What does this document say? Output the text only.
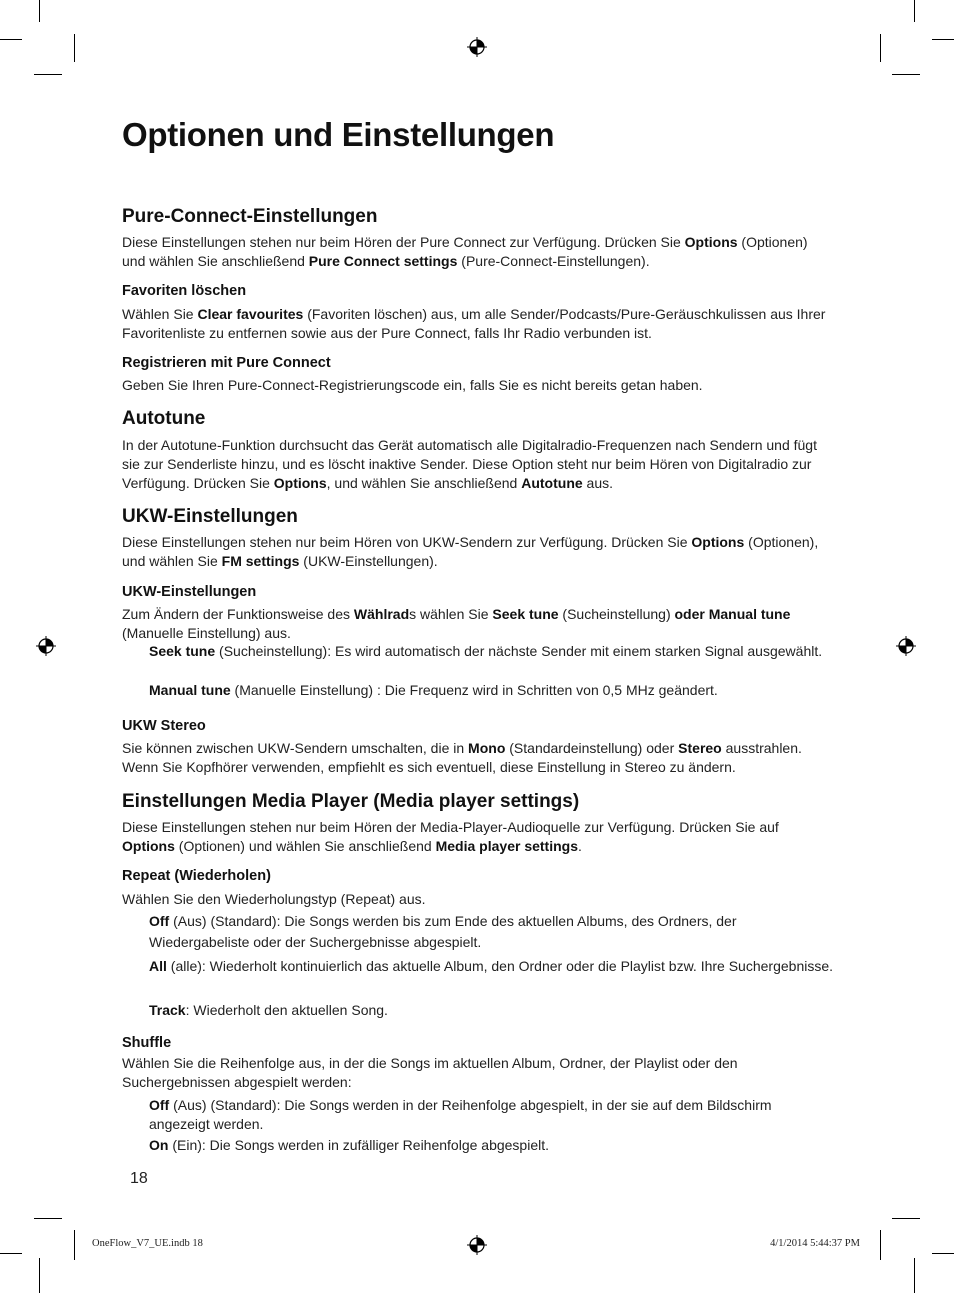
Optionen und Einstellungen
Pure-Connect-Einstellungen

Diese Einstellungen stehen nur beim Hören der Pure Connect zur Verfügung. Drücken Sie Options (Optionen) und wählen Sie anschließend Pure Connect settings (Pure-Connect-Einstellungen).

Favoriten löschen

Wählen Sie Clear favourites (Favoriten löschen) aus, um alle Sender/Podcasts/Pure-Geräuschkulissen aus Ihrer Favoritenliste zu entfernen sowie aus der Pure Connect, falls Ihr Radio verbunden ist.

Registrieren mit Pure Connect

Geben Sie Ihren Pure-Connect-Registrierungscode ein, falls Sie es nicht bereits getan haben.

Autotune

In der Autotune-Funktion durchsucht das Gerät automatisch alle Digitalradio-Frequenzen nach Sendern und fügt sie zur Senderliste hinzu, und es löscht inaktive Sender. Diese Option steht nur beim Hören von Digitalradio zur Verfügung. Drücken Sie Options, und wählen Sie anschließend Autotune aus.

UKW-Einstellungen

Diese Einstellungen stehen nur beim Hören von UKW-Sendern zur Verfügung. Drücken Sie Options (Optionen), und wählen Sie FM settings (UKW-Einstellungen).

UKW-Einstellungen

Zum Ändern der Funktionsweise des Wählrads wählen Sie Seek tune (Sucheinstellung) oder Manual tune (Manuelle Einstellung) aus.

Seek tune (Sucheinstellung): Es wird automatisch der nächste Sender mit einem starken Signal ausgewählt.

Manual tune (Manuelle Einstellung) : Die Frequenz wird in Schritten von 0,5 MHz geändert.

UKW Stereo

Sie können zwischen UKW-Sendern umschalten, die in Mono (Standardeinstellung) oder Stereo ausstrahlen. Wenn Sie Kopfhörer verwenden, empfiehlt es sich eventuell, diese Einstellung in Stereo zu ändern.

Einstellungen Media Player (Media player settings)

Diese Einstellungen stehen nur beim Hören der Media-Player-Audioquelle zur Verfügung. Drücken Sie auf Options (Optionen) und wählen Sie anschließend Media player settings.

Repeat (Wiederholen)

Wählen Sie den Wiederholungstyp (Repeat) aus.

Off (Aus) (Standard): Die Songs werden bis zum Ende des aktuellen Albums, des Ordners, der Wiedergabeliste oder der Suchergebnisse abgespielt.

All (alle): Wiederholt kontinuierlich das aktuelle Album, den Ordner oder die Playlist bzw. Ihre Suchergebnisse.

Track: Wiederholt den aktuellen Song.

Shuffle

Wählen Sie die Reihenfolge aus, in der die Songs im aktuellen Album, Ordner, der Playlist oder den Suchergebnissen abgespielt werden:

Off (Aus) (Standard): Die Songs werden in der Reihenfolge abgespielt, in der sie auf dem Bildschirm angezeigt werden.

On (Ein): Die Songs werden in zufälliger Reihenfolge abgespielt.

18
OneFlow_V7_UE.indb 18	4/1/2014 5:44:37 PM
